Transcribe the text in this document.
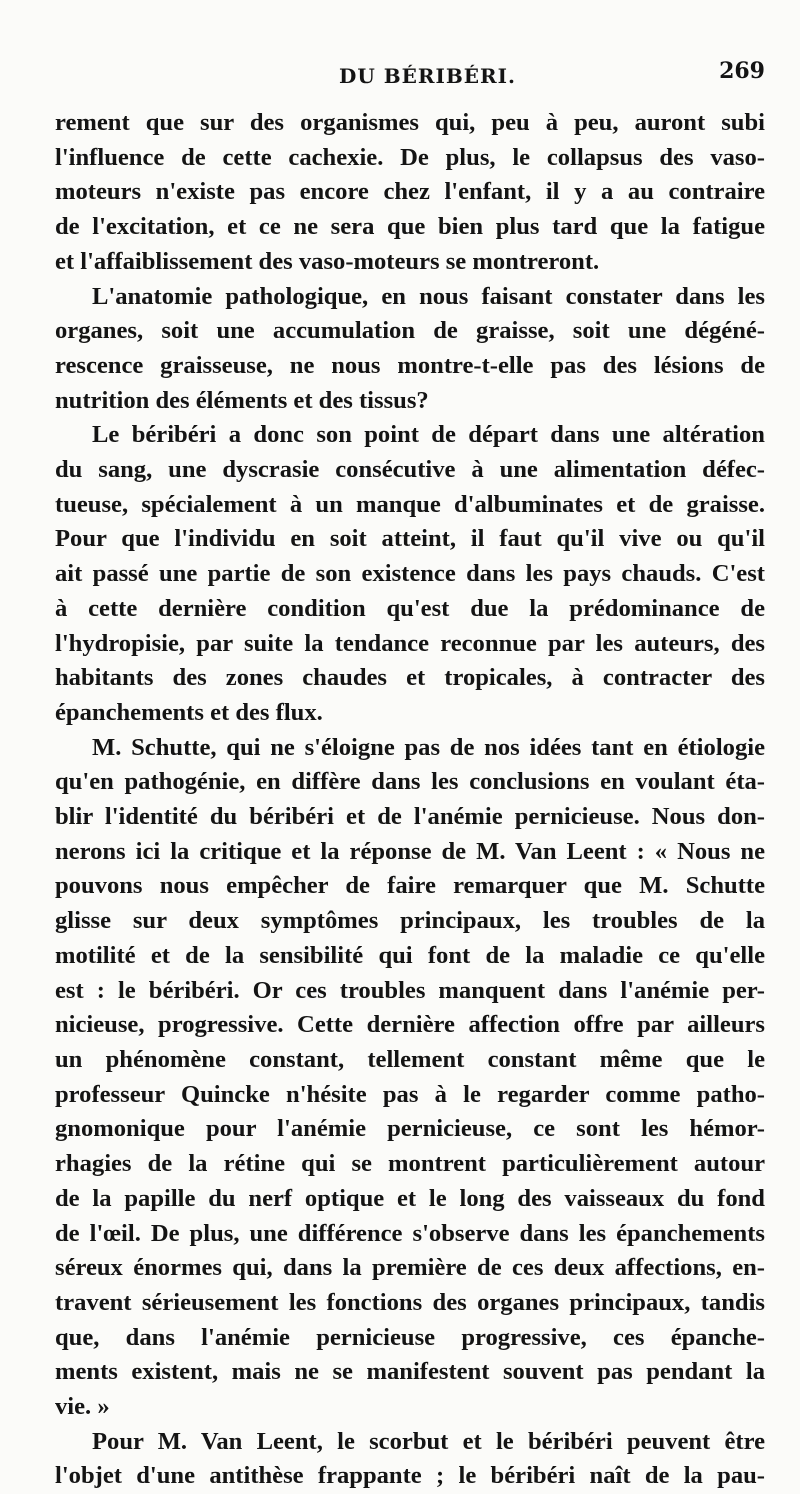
DU BÉRIBÉRI.	269
rement que sur des organismes qui, peu à peu, auront subi
l'influence de cette cachexie. De plus, le collapsus des vaso-
moteurs n'existe pas encore chez l'enfant, il y a au contraire
de l'excitation, et ce ne sera que bien plus tard que la fatigue
et l'affaiblissement des vaso-moteurs se montreront.
L'anatomie pathologique, en nous faisant constater dans les
organes, soit une accumulation de graisse, soit une dégéné-
rescence graisseuse, ne nous montre-t-elle pas des lésions de
nutrition des éléments et des tissus?
Le béribéri a donc son point de départ dans une altération
du sang, une dyscrasie consécutive à une alimentation défec-
tueuse, spécialement à un manque d'albuminates et de graisse.
Pour que l'individu en soit atteint, il faut qu'il vive ou qu'il
ait passé une partie de son existence dans les pays chauds. C'est
à cette dernière condition qu'est due la prédominance de
l'hydropisie, par suite la tendance reconnue par les auteurs, des
habitants des zones chaudes et tropicales, à contracter des
épanchements et des flux.
M. Schutte, qui ne s'éloigne pas de nos idées tant en étiologie
qu'en pathogénie, en diffère dans les conclusions en voulant éta-
blir l'identité du béribéri et de l'anémie pernicieuse. Nous don-
nerons ici la critique et la réponse de M. Van Leent : « Nous ne
pouvons nous empêcher de faire remarquer que M. Schutte
glisse sur deux symptômes principaux, les troubles de la
motilité et de la sensibilité qui font de la maladie ce qu'elle
est : le béribéri. Or ces troubles manquent dans l'anémie per-
nicieuse, progressive. Cette dernière affection offre par ailleurs
un phénomène constant, tellement constant même que le
professeur Quincke n'hésite pas à le regarder comme patho-
gnomonique pour l'anémie pernicieuse, ce sont les hémor-
rhagies de la rétine qui se montrent particulièrement autour
de la papille du nerf optique et le long des vaisseaux du fond
de l'œil. De plus, une différence s'observe dans les épanchements
séreux énormes qui, dans la première de ces deux affections, en-
travent sérieusement les fonctions des organes principaux, tandis
que, dans l'anémie pernicieuse progressive, ces épanche-
ments existent, mais ne se manifestent souvent pas pendant la
vie. »
Pour M. Van Leent, le scorbut et le béribéri peuvent être
l'objet d'une antithèse frappante ; le béribéri naît de la pau-
